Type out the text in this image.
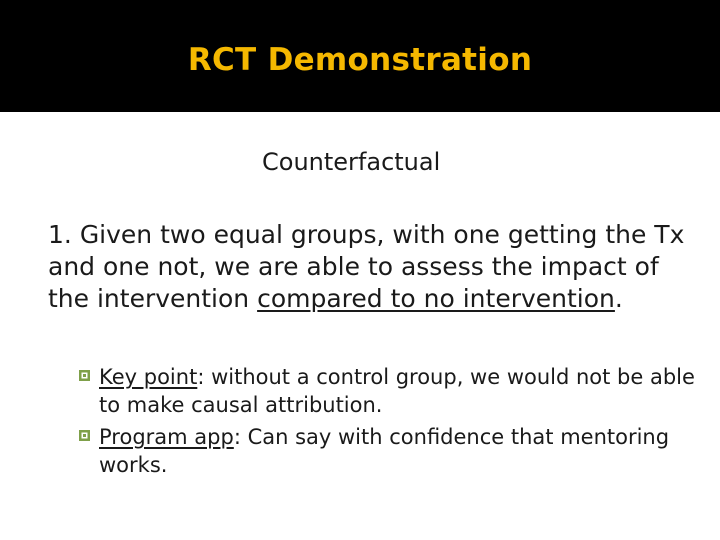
RCT Demonstration
Counterfactual
1. Given two equal groups, with one getting the Tx and one not, we are able to assess the impact of the intervention compared to no intervention.
Key point: without a control group, we would not be able to make causal attribution.
Program app: Can say with confidence that mentoring works.
